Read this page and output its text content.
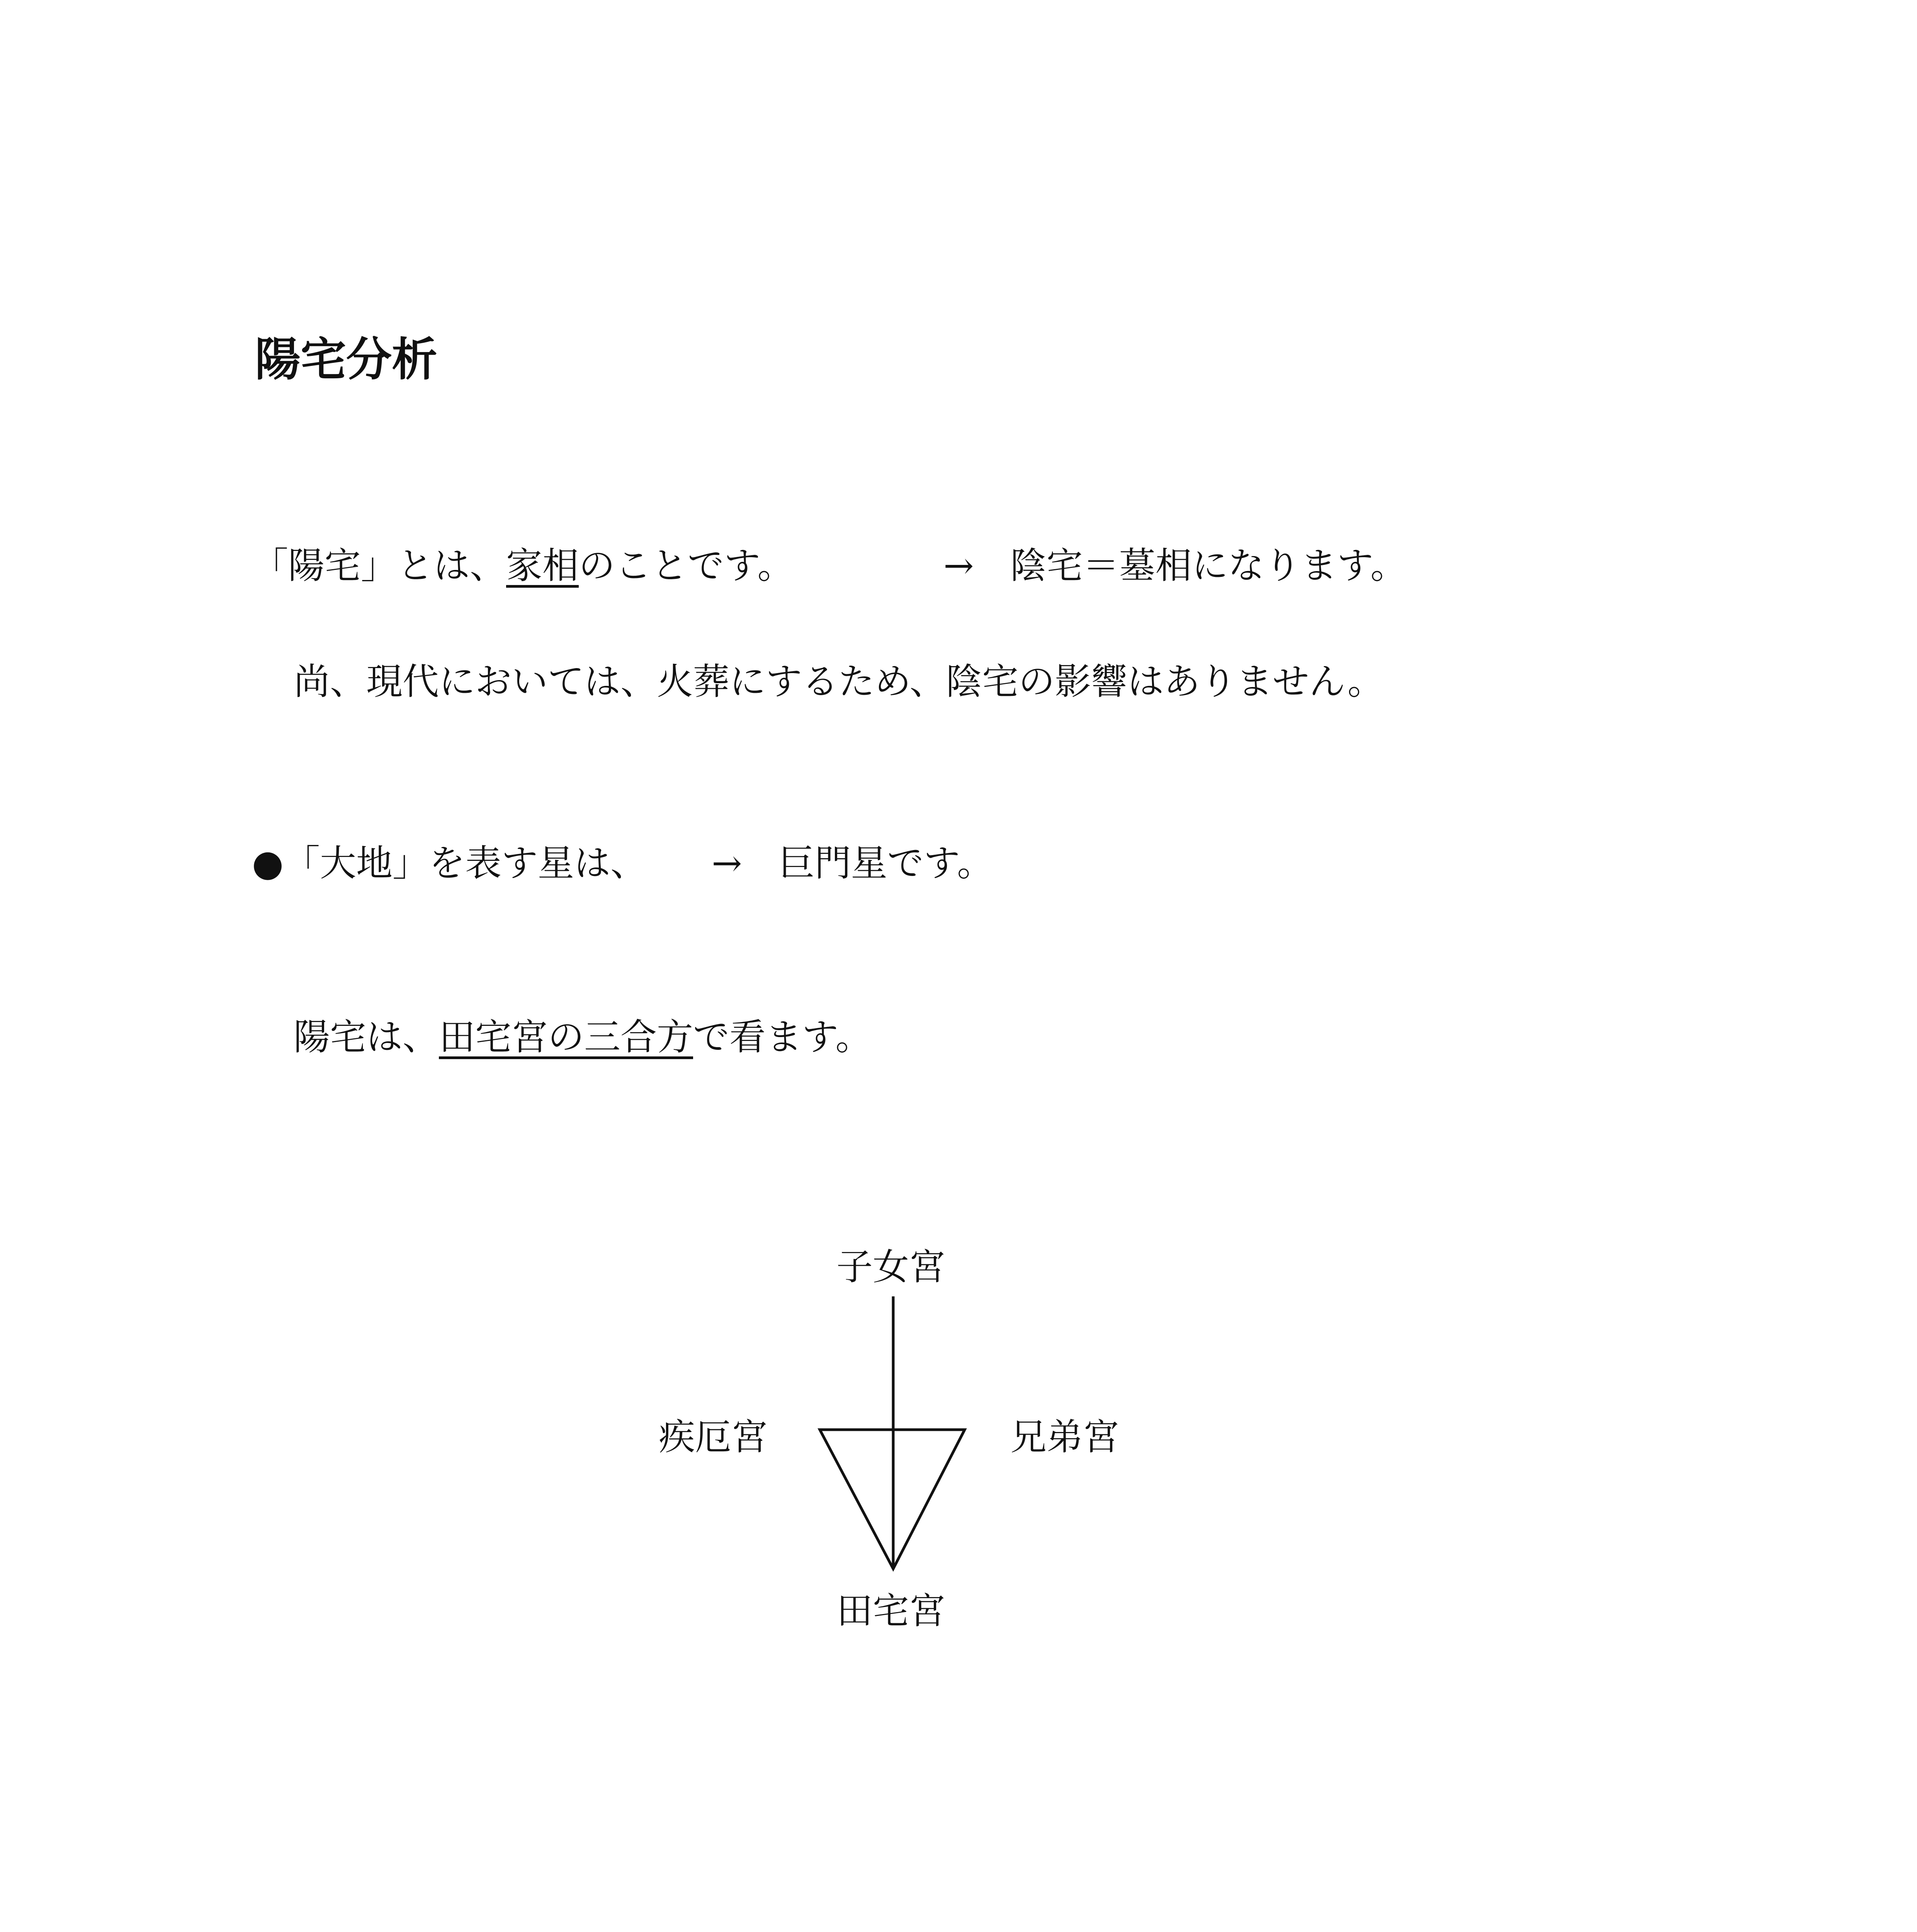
陽宅分析
「陽宅」とは、家相のことです。	→　陰宅＝墓相になります。
尚、現代においては、火葬にするため、陰宅の影響はありません。
●「大地」を表す星は、 →　巨門星です。
陽宅は、田宅宮の三合方で看ます。
子女宮
疾厄宮	兄弟宮
田宅宮
